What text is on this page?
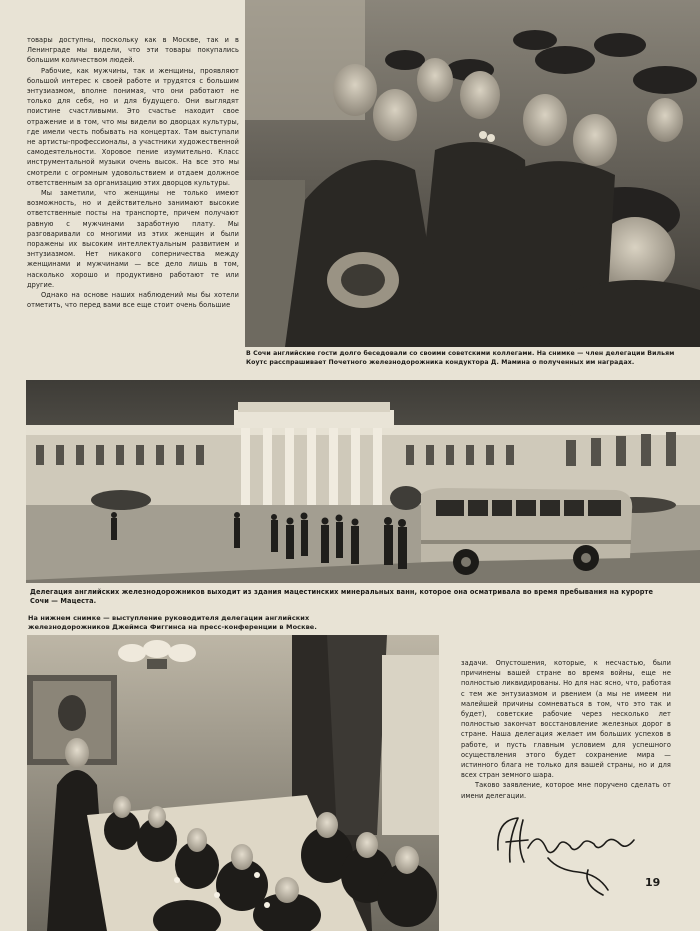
товары доступны, поскольку как в Москве, так и в Ленинграде мы видели, что эти товары покупались большим количеством людей.

Рабочие, как мужчины, так и женщины, проявляют большой интерес к своей работе и трудятся с большим энтузиазмом, вполне понимая, что они работают не только для себя, но и для будущего. Они выглядят поистине счастливыми. Это счастье находит свое отражение и в том, что мы видели во дворцах культуры, где имели честь побывать на концертах. Там выступали не артисты-профессионалы, а участники художественной самодеятельности. Хоровое пение изумительно. Класс инструментальной музыки очень высок. На все это мы смотрели с огромным удовольствием и отдаем должное ответственным за организацию этих дворцов культуры.

Мы заметили, что женщины не только имеют возможность, но и действительно занимают высокие ответственные посты на транспорте, причем получают равную с мужчинами заработную плату. Мы разговаривали со многими из этих женщин и были поражены их высоким интеллектуальным развитием и энтузиазмом. Нет никакого соперничества между женщинами и мужчинами — все дело лишь в том, насколько хорошо и продуктивно работают те или другие.

Однако на основе наших наблюдений мы бы хотели отметить, что перед вами все еще стоит очень большие

В Сочи английские гости долго беседовали со своими советскими коллегами. На снимке — член делегации Вильям Коутс расспрашивает Почетного железнодорожника кондуктора Д. Мамина о полученных им наградах.
Делегация английских железнодорожников выходит из здания мацестинских минеральных ванн, которое она осматривала во время пребывания на курорте Сочи — Мацеста.
На нижнем снимке — выступление руководителя делегации английских железнодорожников Джеймса Фиггинса на пресс-конференции в Москве.

задачи. Опустошения, которые, к несчастью, были причинены вашей стране во время войны, еще не полностью ликвидированы. Но для нас ясно, что, работая с тем же энтузиазмом и рвением (а мы не имеем ни малейшей причины сомневаться в том, что это так и будет), советские рабочие через несколько лет полностью закончат восстановление железных дорог в стране. Наша делегация желает им больших успехов в работе, и пусть главным условием для успешного осуществления этого будет сохранение мира — истинного блага не только для вашей страны, но и для всех стран земного шара.

Таково заявление, которое мне поручено сделать от имени делегации.

19
